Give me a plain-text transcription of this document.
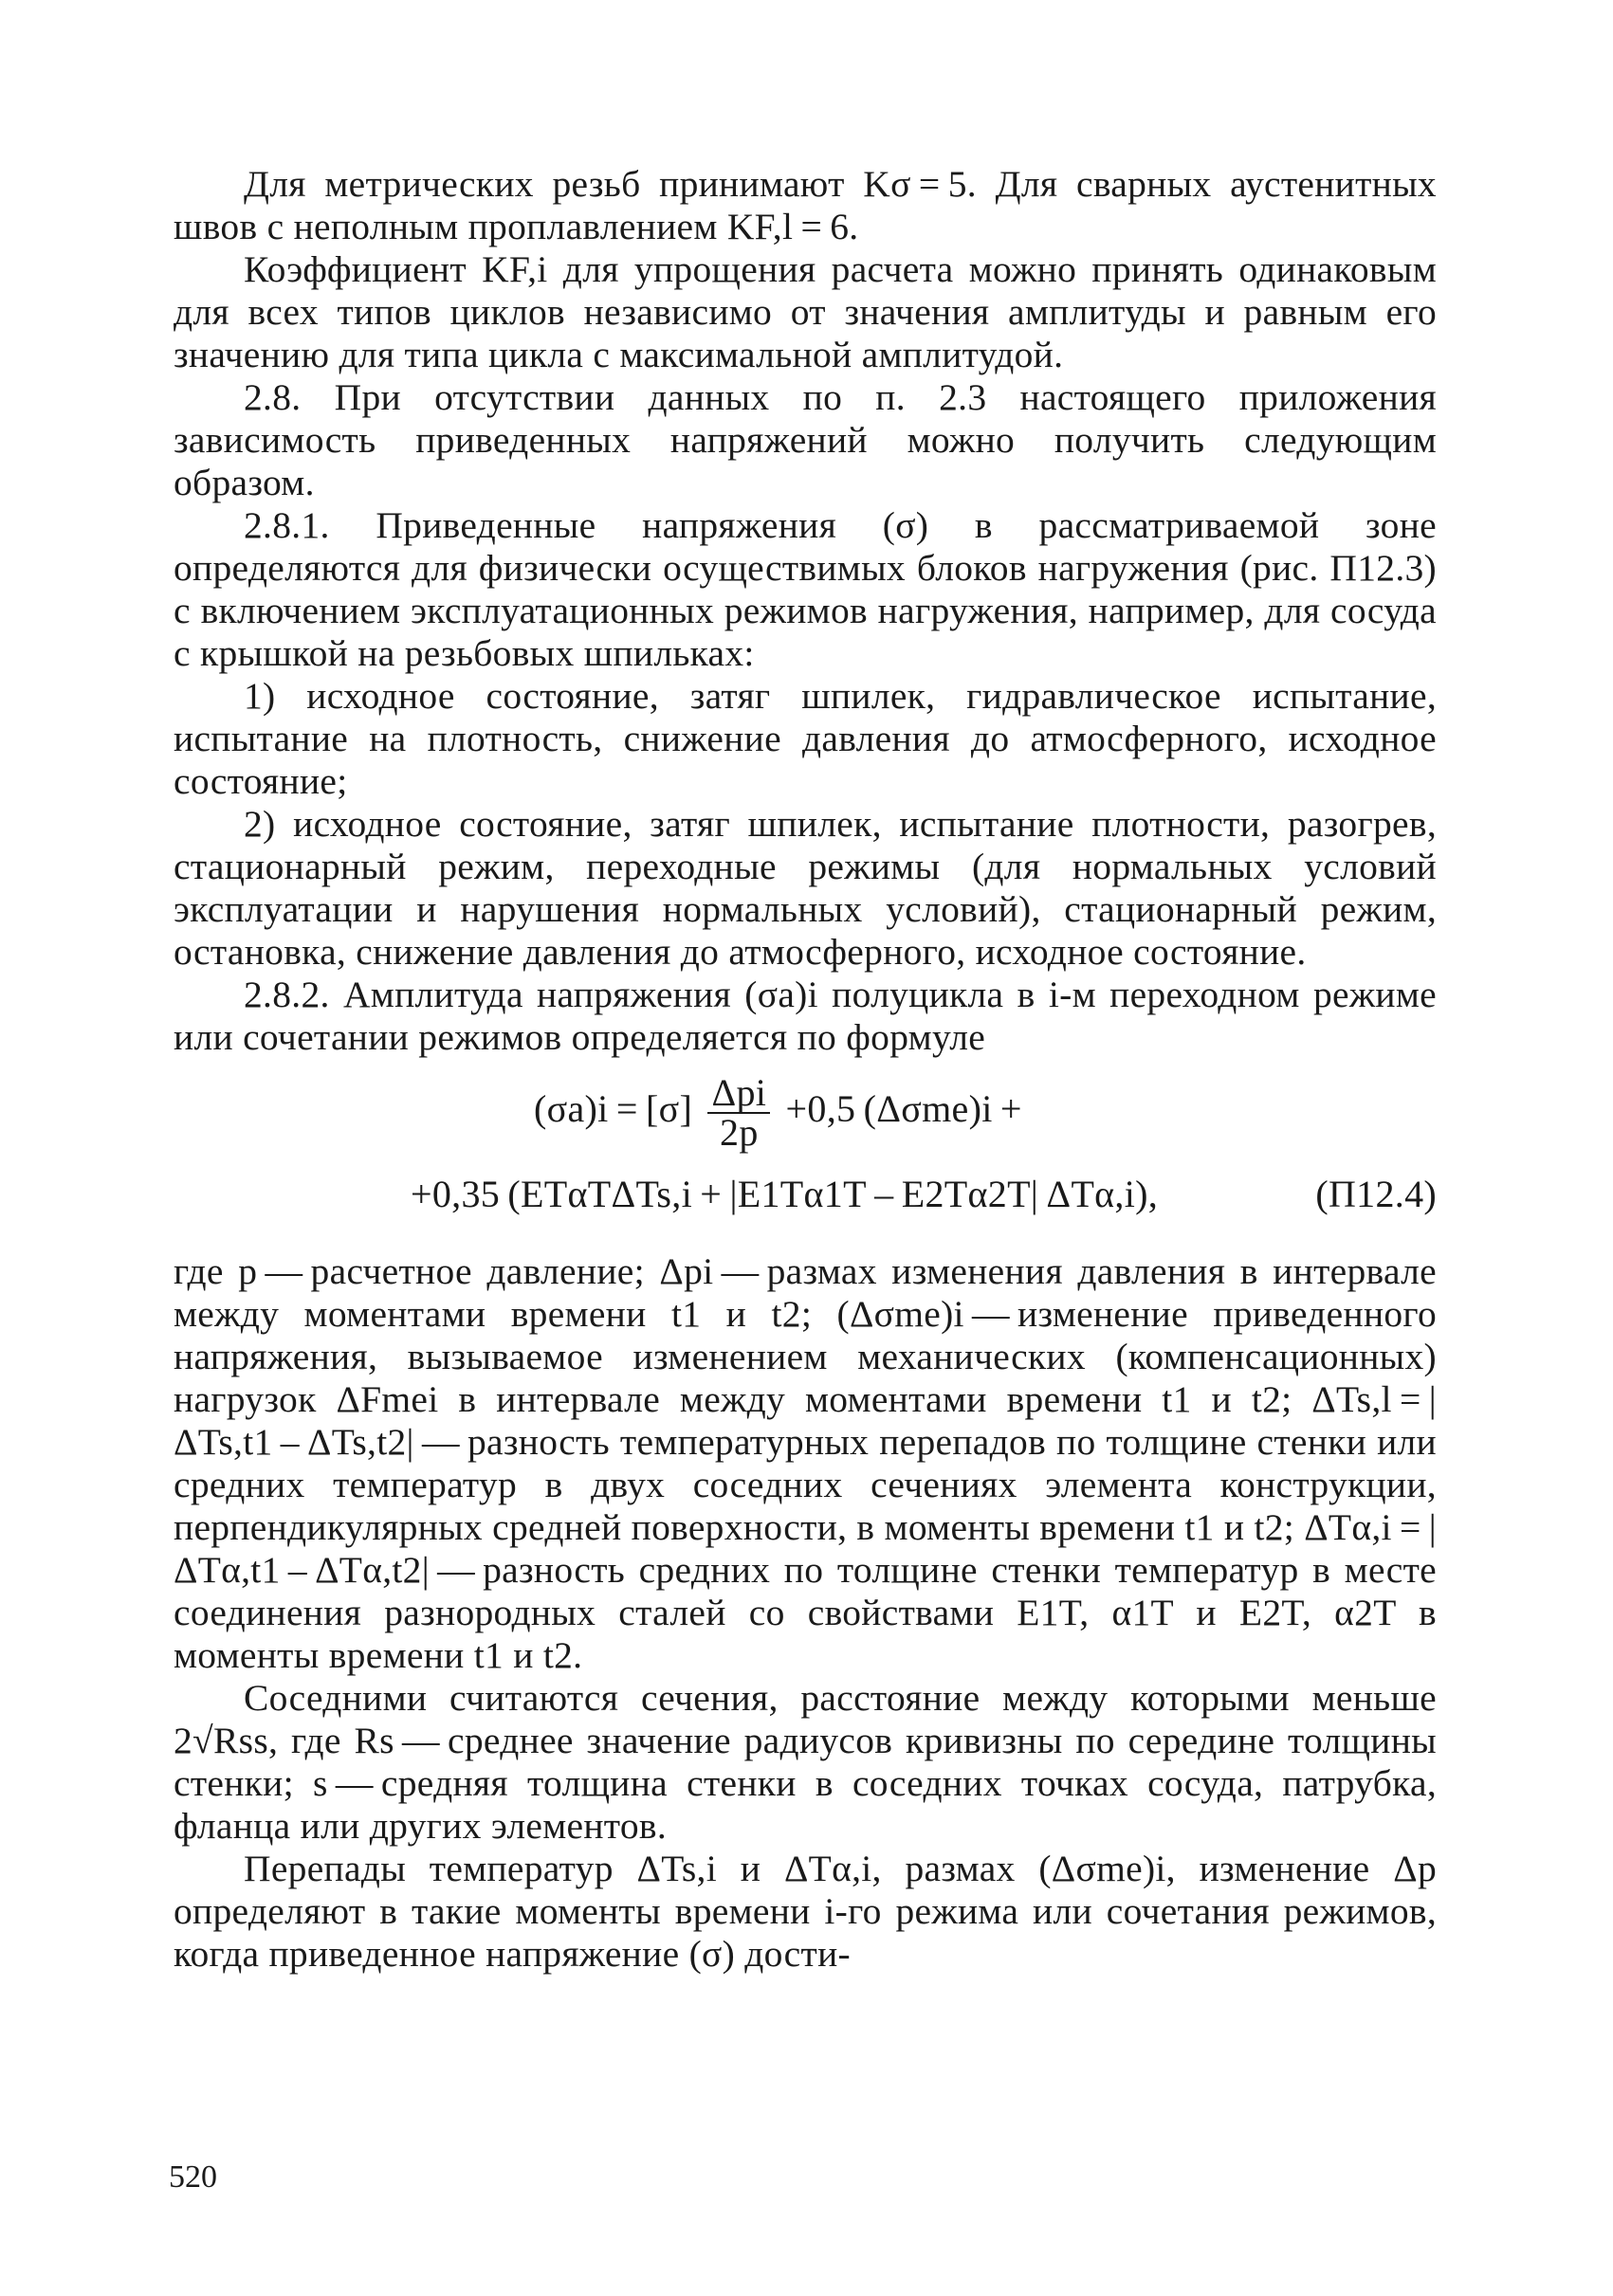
Для метрических резьб принимают Kσ = 5. Для сварных аустенитных швов с неполным проплавлением KF,l = 6.

Коэффициент KF,i для упрощения расчета можно принять одинаковым для всех типов циклов независимо от значения амплитуды и равным его значению для типа цикла с максимальной амплитудой.

2.8. При отсутствии данных по п. 2.3 настоящего приложения зависимость приведенных напряжений можно получить следующим образом.

2.8.1. Приведенные напряжения (σ) в рассматриваемой зоне определяются для физически осуществимых блоков нагружения (рис. П12.3) с включением эксплуатационных режимов нагружения, например, для сосуда с крышкой на резьбовых шпильках:

1) исходное состояние, затяг шпилек, гидравлическое испытание, испытание на плотность, снижение давления до атмосферного, исходное состояние;

2) исходное состояние, затяг шпилек, испытание плотности, разогрев, стационарный режим, переходные режимы (для нормальных условий эксплуатации и нарушения нормальных условий), стационарный режим, остановка, снижение давления до атмосферного, исходное состояние.

2.8.2. Амплитуда напряжения (σa)i полуцикла в i-м переходном режиме или сочетании режимов определяется по формуле

$(\sigma a)i = [\sigma] \frac{\text{Δpi}}{2p} +0,5$ (Δσme)i +
+0,35 (ETαTΔTs,i + |E1Tα1T – E2Tα2T| ΔTα,i),	(П12.4)

где p — расчетное давление; Δpi — размах изменения давления в интервале между моментами времени t1 и t2; (Δσme)i — изменение приведенного напряжения, вызываемое изменением механических (компенсационных) нагрузок ΔFmei в интервале между моментами времени t1 и t2; ΔTs,l = |ΔTs,t1 – ΔTs,t2| — разность температурных перепадов по толщине стенки или средних температур в двух соседних сечениях элемента конструкции, перпендикулярных средней поверхности, в моменты времени t1 и t2; ΔTα,i = |ΔTα,t1 – ΔTα,t2| — разность средних по толщине стенки температур в месте соединения разнородных сталей со свойствами E1T, α1T и E2T, α2T в моменты времени t1 и t2.

Соседними считаются сечения, расстояние между которыми меньше 2√Rss, где Rs — среднее значение радиусов кривизны по середине толщины стенки; s — средняя толщина стенки в соседних точках сосуда, патрубка, фланца или других элементов.

Перепады температур ΔTs,i и ΔTα,i, размах (Δσme)i, изменение Δp определяют в такие моменты времени i-го режима или сочетания режимов, когда приведенное напряжение (σ) дости-

520
